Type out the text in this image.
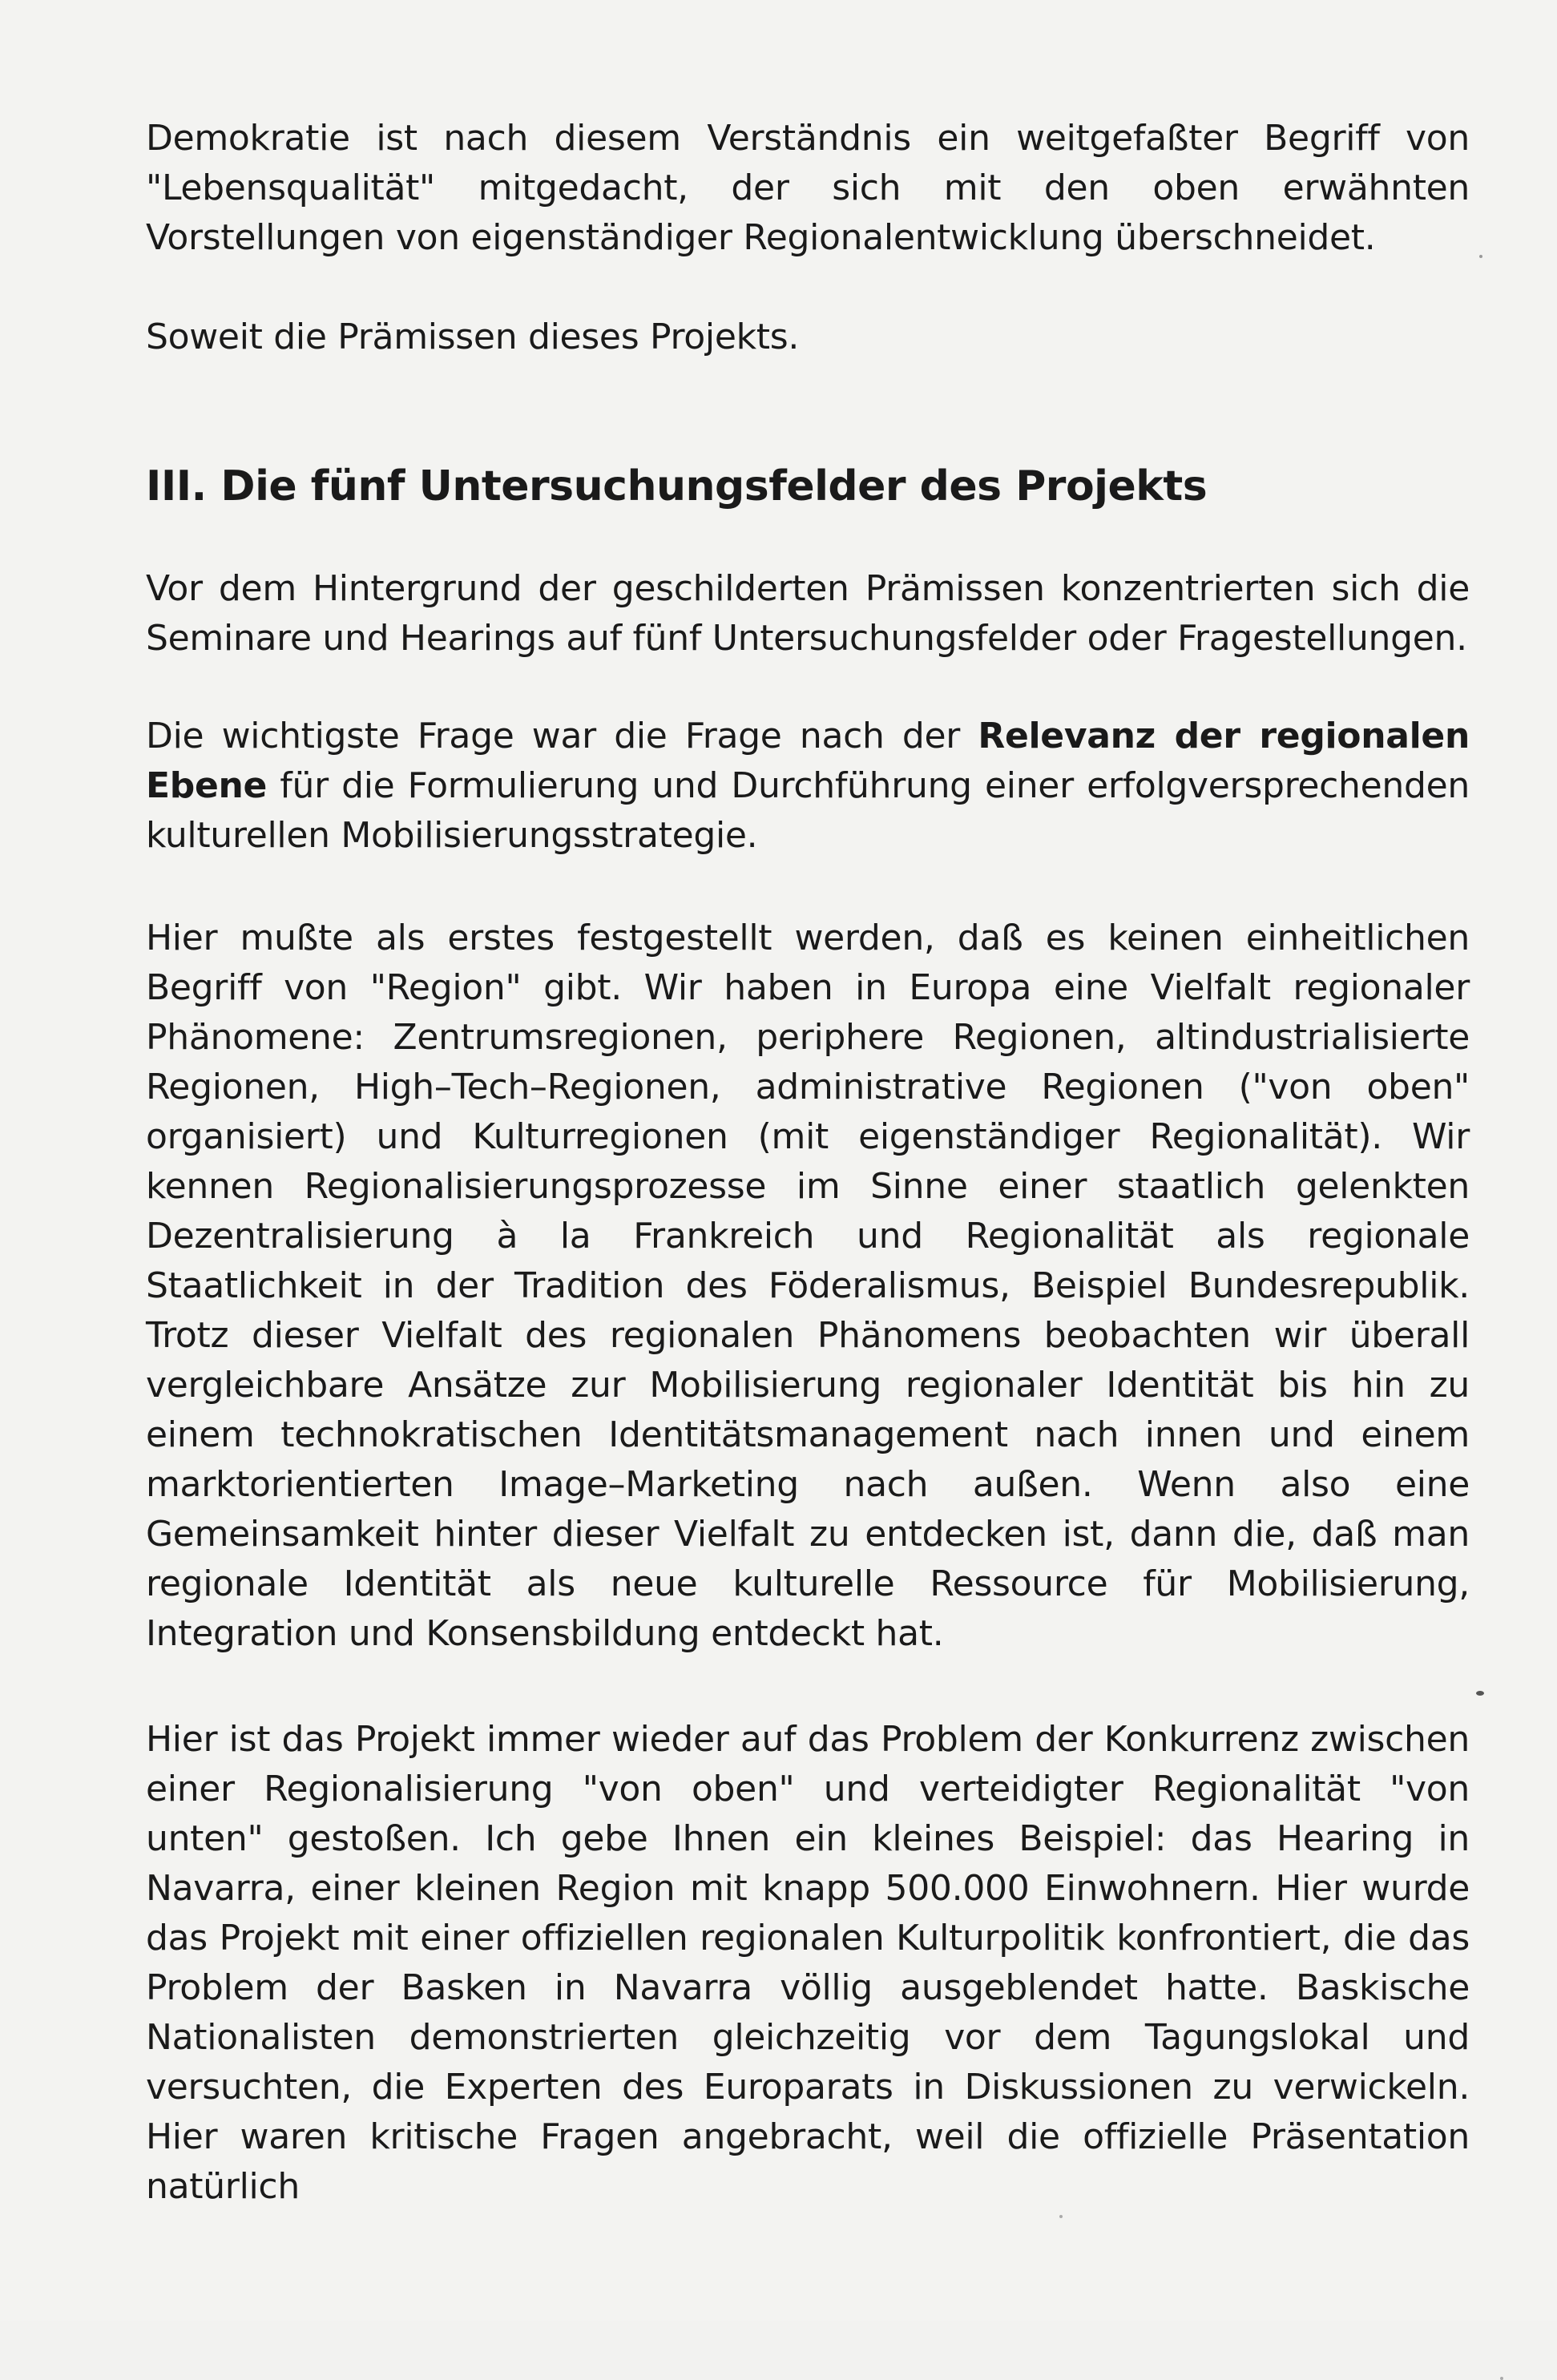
Demokratie ist nach diesem Verständnis ein weitgefaßter Begriff von "Lebensqualität" mitgedacht, der sich mit den oben erwähnten Vorstellungen von eigenständiger Regionalentwicklung überschneidet.
Soweit die Prämissen dieses Projekts.
III. Die fünf Untersuchungsfelder des Projekts
Vor dem Hintergrund der geschilderten Prämissen konzentrierten sich die Seminare und Hearings auf fünf Untersuchungsfelder oder Fragestellungen.
Die wichtigste Frage war die Frage nach der Relevanz der regionalen Ebene für die Formulierung und Durchführung einer erfolgversprechenden kulturellen Mobilisierungsstrategie.
Hier mußte als erstes festgestellt werden, daß es keinen einheitlichen Begriff von "Region" gibt. Wir haben in Europa eine Vielfalt regionaler Phänomene: Zentrumsregionen, periphere Regionen, altindustrialisierte Regionen, High–Tech–Regionen, administrative Regionen ("von oben" organisiert) und Kulturregionen (mit eigenständiger Regionalität). Wir kennen Regionalisierungsprozesse im Sinne einer staatlich gelenkten Dezentralisierung à la Frankreich und Regionalität als regionale Staatlichkeit in der Tradition des Föderalismus, Beispiel Bundesrepublik. Trotz dieser Vielfalt des regionalen Phänomens beobachten wir überall vergleichbare Ansätze zur Mobilisierung regionaler Identität bis hin zu einem technokratischen Identitätsmanagement nach innen und einem marktorientierten Image–Marketing nach außen. Wenn also eine Gemeinsamkeit hinter dieser Vielfalt zu entdecken ist, dann die, daß man regionale Identität als neue kulturelle Ressource für Mobilisierung, Integration und Konsensbildung entdeckt hat.
Hier ist das Projekt immer wieder auf das Problem der Konkurrenz zwischen einer Regionalisierung "von oben" und verteidigter Regionalität "von unten" gestoßen. Ich gebe Ihnen ein kleines Beispiel: das Hearing in Navarra, einer kleinen Region mit knapp 500.000 Einwohnern. Hier wurde das Projekt mit einer offiziellen regionalen Kulturpolitik konfrontiert, die das Problem der Basken in Navarra völlig ausgeblendet hatte. Baskische Nationalisten demonstrierten gleichzeitig vor dem Tagungslokal und versuchten, die Experten des Europarats in Diskussionen zu verwickeln. Hier waren kritische Fragen angebracht, weil die offizielle Präsentation natürlich
